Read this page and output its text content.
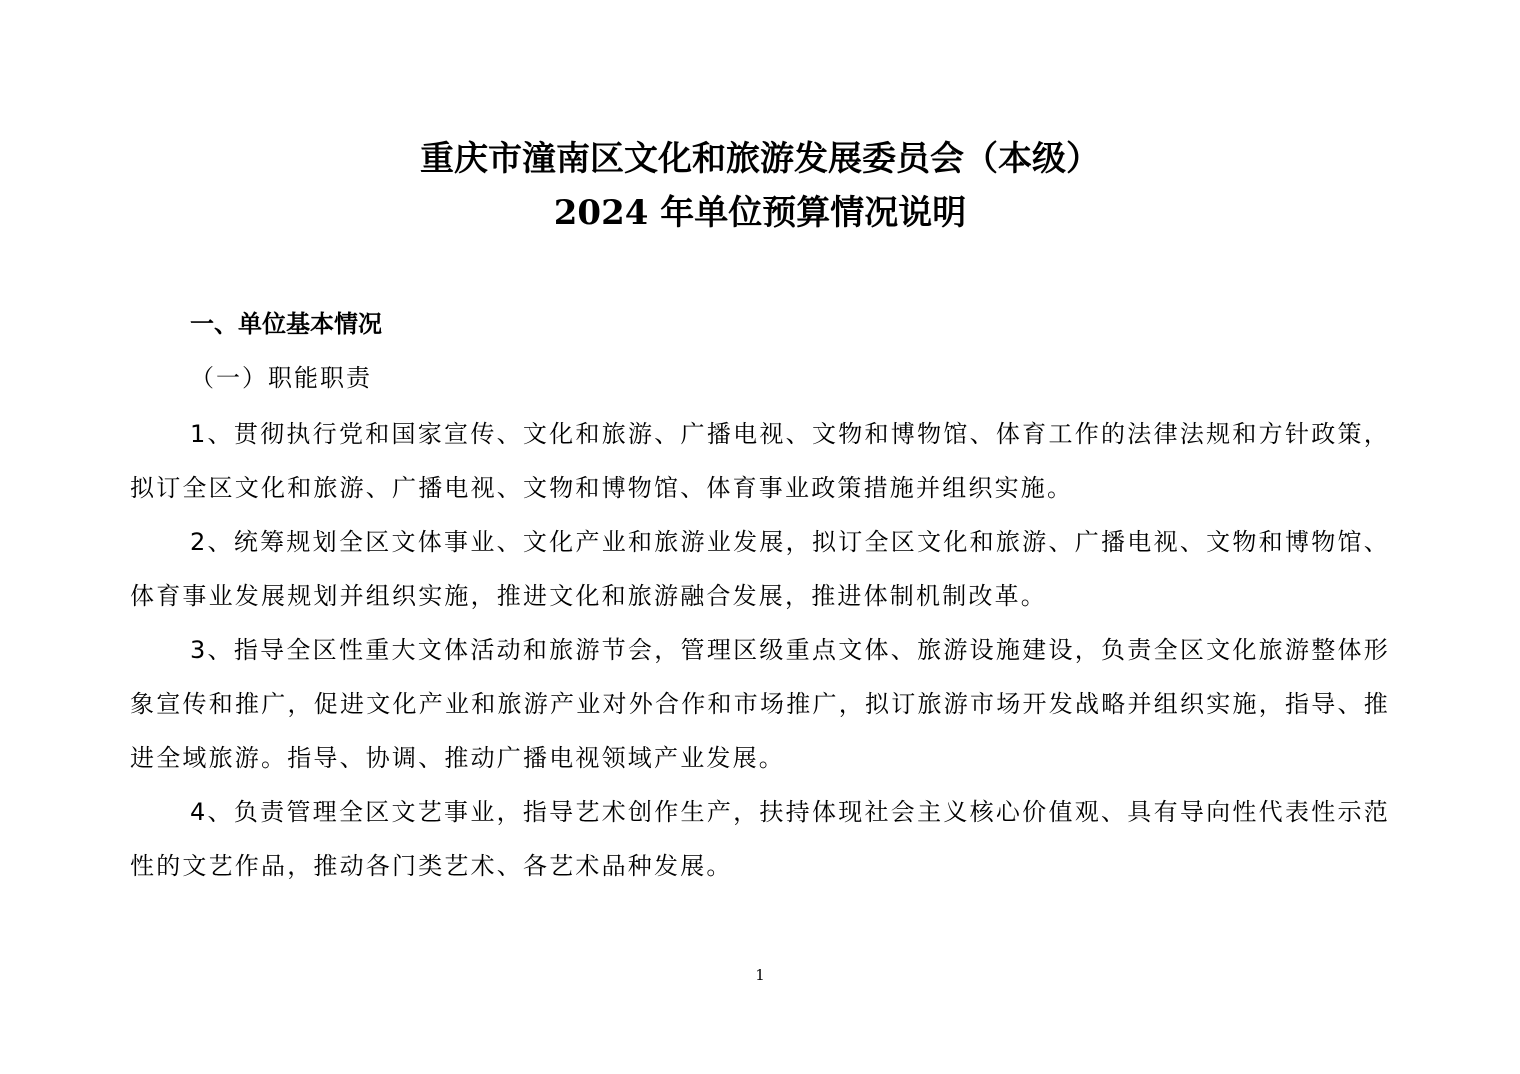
重庆市潼南区文化和旅游发展委员会（本级）
2024 年单位预算情况说明
一、单位基本情况
（一）职能职责
1、贯彻执行党和国家宣传、文化和旅游、广播电视、文物和博物馆、体育工作的法律法规和方针政策，拟订全区文化和旅游、广播电视、文物和博物馆、体育事业政策措施并组织实施。
2、统筹规划全区文体事业、文化产业和旅游业发展，拟订全区文化和旅游、广播电视、文物和博物馆、体育事业发展规划并组织实施，推进文化和旅游融合发展，推进体制机制改革。
3、指导全区性重大文体活动和旅游节会，管理区级重点文体、旅游设施建设，负责全区文化旅游整体形象宣传和推广，促进文化产业和旅游产业对外合作和市场推广，拟订旅游市场开发战略并组织实施，指导、推进全域旅游。指导、协调、推动广播电视领域产业发展。
4、负责管理全区文艺事业，指导艺术创作生产，扶持体现社会主义核心价值观、具有导向性代表性示范性的文艺作品，推动各门类艺术、各艺术品种发展。
1
